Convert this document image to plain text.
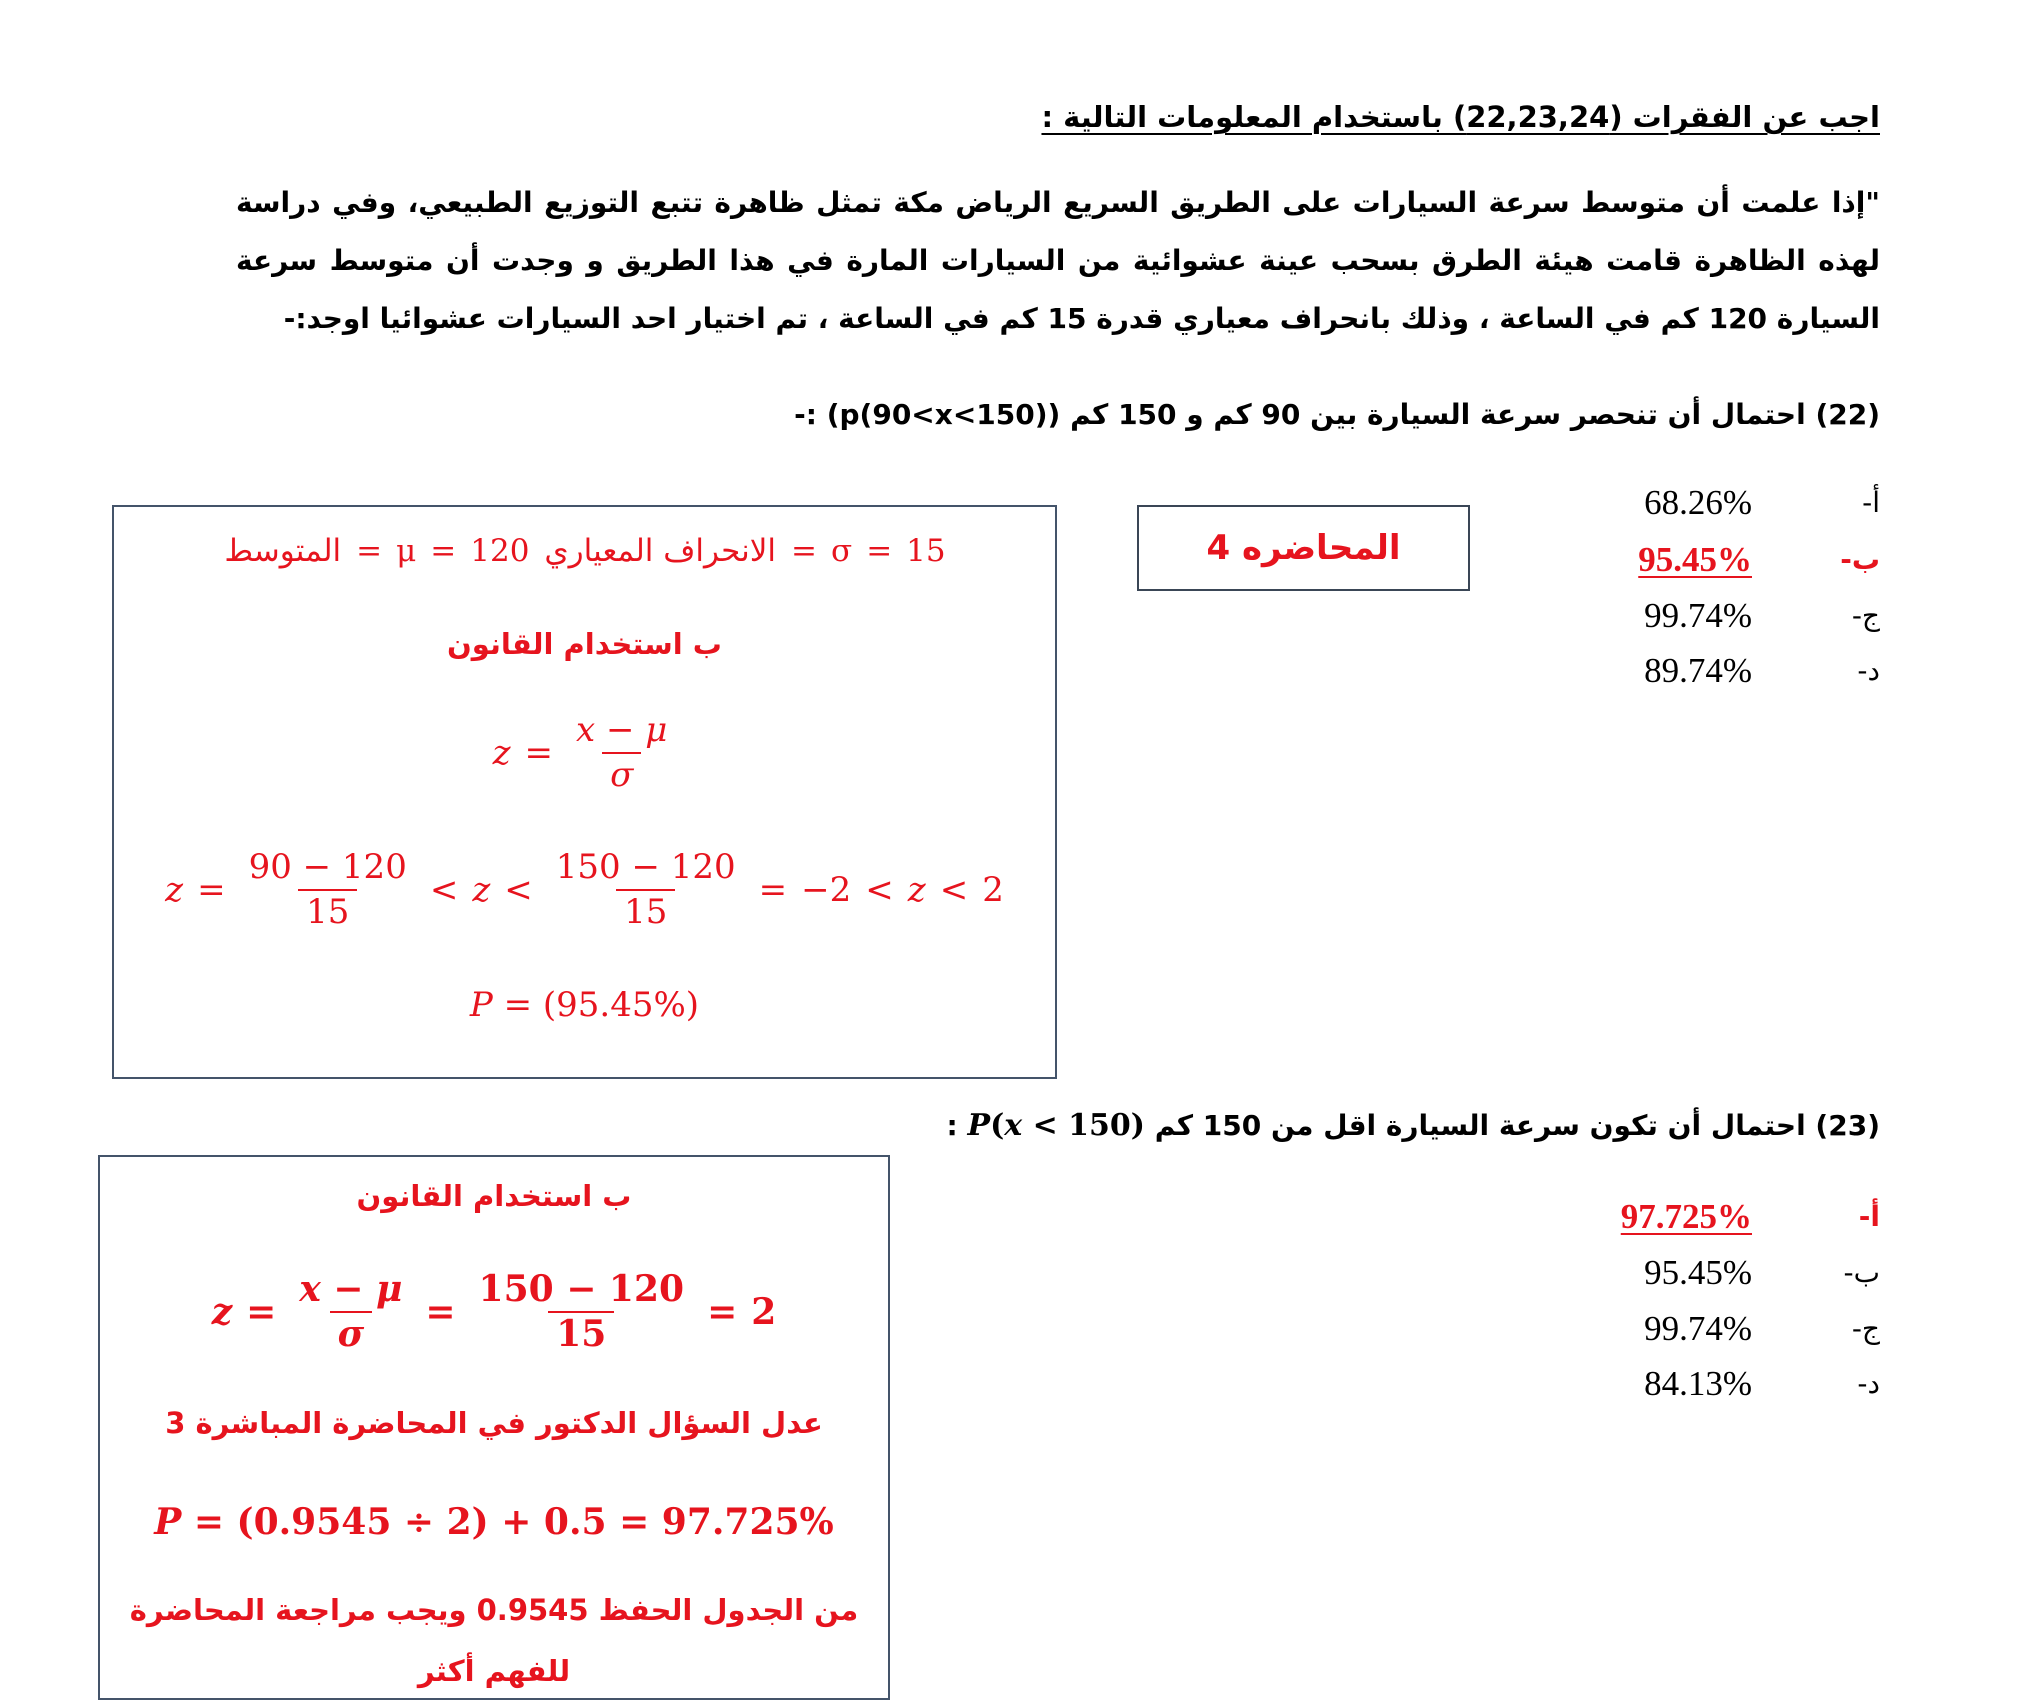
اجب عن الفقرات (22,23,24) باستخدام المعلومات التالية :
"إذا علمت أن متوسط سرعة السيارات على الطريق السريع الرياض مكة تمثل ظاهرة تتبع التوزيع الطبيعي، وفي دراسة
لهذه الظاهرة قامت هيئة الطرق بسحب عينة عشوائية من السيارات المارة في هذا الطريق و وجدت أن متوسط سرعة
السيارة 120 كم في الساعة ، وذلك بانحراف معياري قدرة 15 كم في الساعة ، تم اختيار احد السيارات عشوائيا اوجد:-
(22) احتمال أن تنحصر سرعة السيارة بين 90 كم و 150 كم (p(90<x<150)) :-
أ-
68.26%
ب-
95.45%
ج-
99.74%
د-
89.74%
المحاضره 4
المتوسط = μ = 120 الانحراف المعياري = σ = 15
ب استخدام القانون
$z = \frac{x - \mu}{\sigma}$
$z = \frac{90 - 120}{15} < z < \frac{150 - 120}{15} = -2 < z < 2$
P = (95.45%)
(23) احتمال أن تكون سرعة السيارة اقل من 150 كم P(x < 150) :
أ-
97.725%
ب-
95.45%
ج-
99.74%
د-
84.13%
ب استخدام القانون
$z = \frac{x - \mu}{\sigma} = \frac{150 - 120}{15} = 2$
عدل السؤال الدكتور في المحاضرة المباشرة 3
P = (0.9545 ÷ 2) + 0.5 = 97.725%
من الجدول الحفظ 0.9545 ويجب مراجعة المحاضرة
للفهم أكثر
